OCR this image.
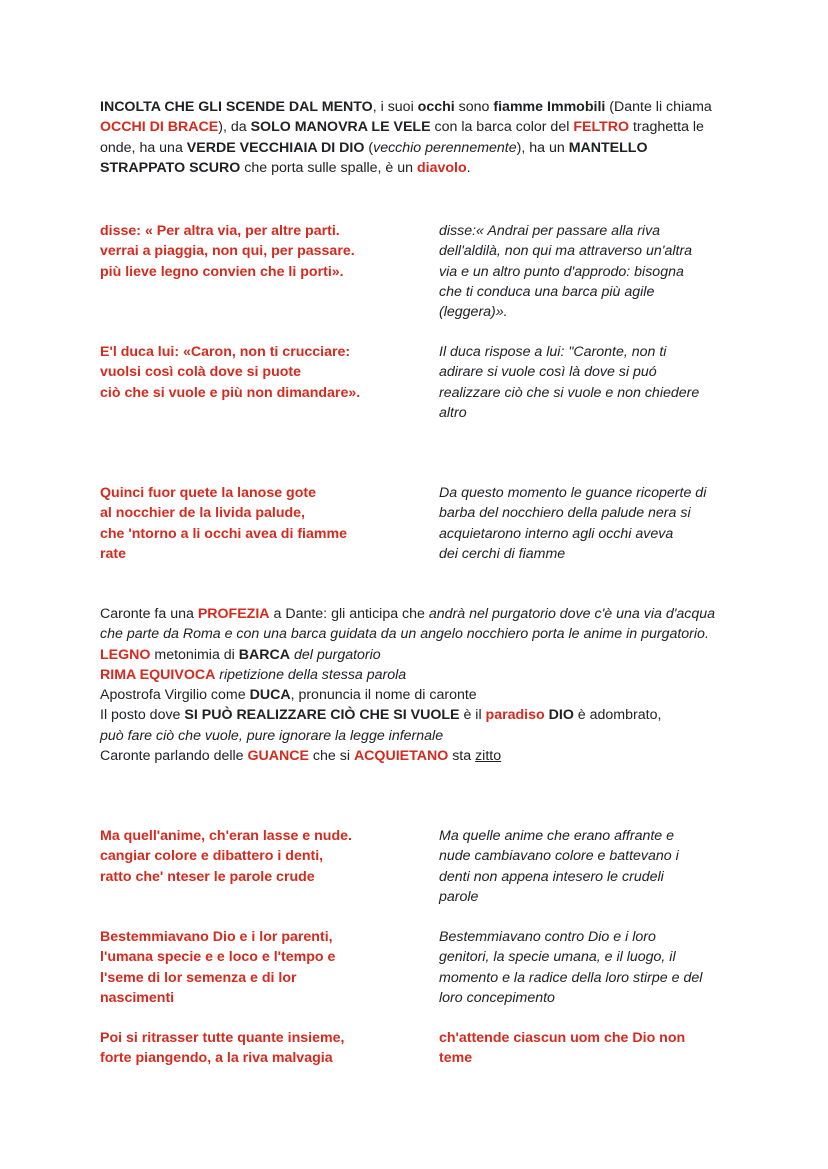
INCOLTA CHE GLI SCENDE DAL MENTO, i suoi occhi sono fiamme Immobili (Dante li chiama OCCHI DI BRACE), da SOLO MANOVRA LE VELE con la barca color del FELTRO traghetta le onde, ha una VERDE VECCHIAIA DI DIO (vecchio perennemente), ha un MANTELLO STRAPPATO SCURO che porta sulle spalle, è un diavolo.
disse: « Per altra via, per altre parti.
verrai a piaggia, non qui, per passare.
più lieve legno convien che li porti».
disse:« Andrai per passare alla riva
dell'aldilà, non qui ma attraverso un'altra
via e un altro punto d'approdo: bisogna
che ti conduca una barca più agile
(leggera)».
E'l duca lui: «Caron, non ti crucciare:
vuolsi così colà dove si puote
ciò che si vuole e più non dimandare».
Il duca rispose a lui: "Caronte, non ti
adirare si vuole così là dove si puó
realizzare ciò che si vuole e non chiedere
altro
Quinci fuor quete la lanose gote
al nocchier de la livida palude,
che 'ntorno a li occhi avea di fiamme
rate
Da questo momento le guance ricoperte di
barba del nocchiero della palude nera si
acquietarono interno agli occhi aveva
dei cerchi di fiamme
Caronte fa una PROFEZIA a Dante: gli anticipa che andrà nel purgatorio dove c'è una via d'acqua che parte da Roma e con una barca guidata da un angelo nocchiero porta le anime in purgatorio.
LEGNO metonimia di BARCA del purgatorio
RIMA EQUIVOCA ripetizione della stessa parola
Apostrofa Virgilio come DUCA, pronuncia il nome di caronte
Il posto dove SI PUÒ REALIZZARE CIÒ CHE SI VUOLE è il paradiso DIO è adombrato,
può fare ciò che vuole, pure ignorare la legge infernale
Caronte parlando delle GUANCE che si ACQUIETANO sta zitto
Ma quell'anime, ch'eran lasse e nude.
cangiar colore e dibattero i denti,
ratto che' nteser le parole crude
Ma quelle anime che erano affrante e
nude cambiavano colore e battevano i
denti non appena intesero le crudeli
parole
Bestemmiavano Dio e i lor parenti,
l'umana specie e e loco e l'tempo e
l'seme di lor semenza e di lor
nascimenti
Bestemmiavano contro Dio e i loro
genitori, la specie umana, e il luogo, il
momento e la radice della loro stirpe e del
loro concepimento
Poi si ritrasser tutte quante insieme,
forte piangendo, a la riva malvagia
ch'attende ciascun uom che Dio non
teme
